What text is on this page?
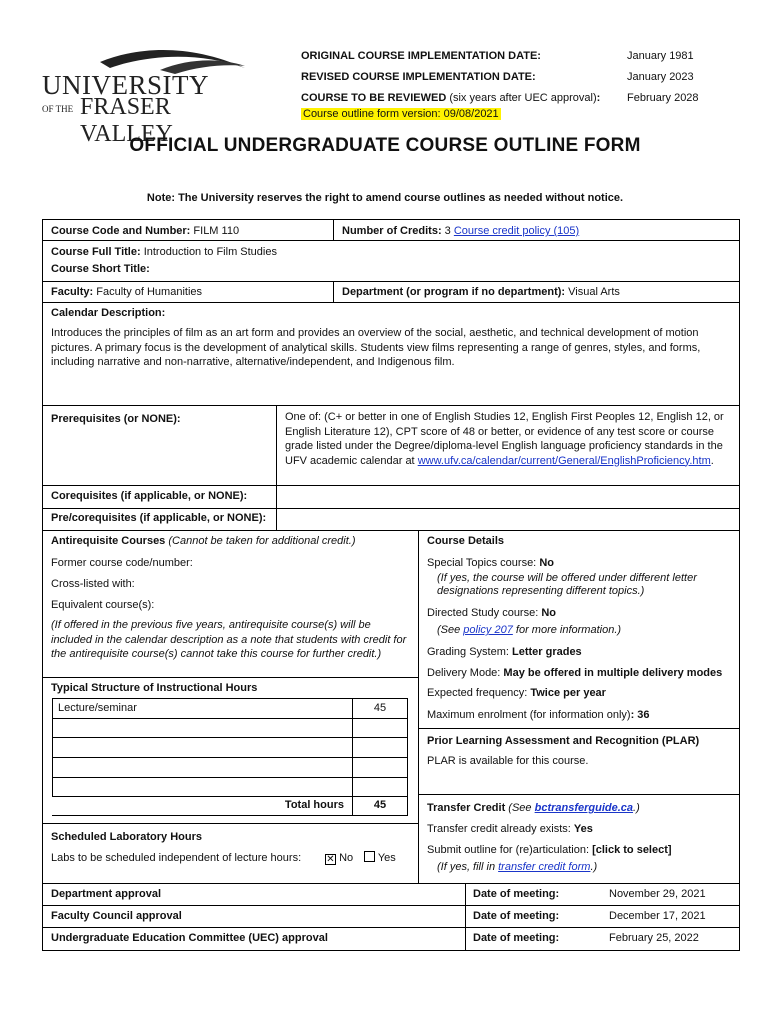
UNIVERSITY
OF THE FRASER VALLEY
ORIGINAL COURSE IMPLEMENTATION DATE:	January 1981
REVISED COURSE IMPLEMENTATION DATE:	January 2023
COURSE TO BE REVIEWED (six years after UEC approval): February 2028
Course outline form version: 09/08/2021
OFFICIAL UNDERGRADUATE COURSE OUTLINE FORM
Note: The University reserves the right to amend course outlines as needed without notice.
Course Code and Number: FILM 110	Number of Credits: 3 Course credit policy (105)
Course Full Title: Introduction to Film Studies
Course Short Title:
Faculty: Faculty of Humanities	Department (or program if no department): Visual Arts
Calendar Description:
Introduces the principles of film as an art form and provides an overview of the social, aesthetic, and technical development of motion pictures. A primary focus is the development of analytical skills. Students view films representing a range of genres, styles, and forms, including narrative and non-narrative, alternative/independent, and Indigenous film.
Prerequisites (or NONE):	One of: (C+ or better in one of English Studies 12, English First Peoples 12, English 12, or English Literature 12), CPT score of 48 or better, or evidence of any test score or course grade listed under the Degree/diploma-level English language proficiency standards in the UFV academic calendar at www.ufv.ca/calendar/current/General/EnglishProficiency.htm.
Corequisites (if applicable, or NONE):
Pre/corequisites (if applicable, or NONE):
Antirequisite Courses (Cannot be taken for additional credit.)
Former course code/number:
Cross-listed with:
Equivalent course(s):
(If offered in the previous five years, antirequisite course(s) will be included in the calendar description as a note that students with credit for the antirequisite course(s) cannot take this course for further credit.)
Typical Structure of Instructional Hours
Lecture/seminar	45
Total hours	45
Scheduled Laboratory Hours
Labs to be scheduled independent of lecture hours:	✕ No	Yes
Course Details
Special Topics course: No
(If yes, the course will be offered under different letter designations representing different topics.)
Directed Study course: No
(See policy 207 for more information.)
Grading System: Letter grades
Delivery Mode: May be offered in multiple delivery modes
Expected frequency: Twice per year
Maximum enrolment (for information only): 36
Prior Learning Assessment and Recognition (PLAR)
PLAR is available for this course.
Transfer Credit (See bctransferguide.ca.)
Transfer credit already exists: Yes
Submit outline for (re)articulation: [click to select]
(If yes, fill in transfer credit form.)
Department approval	Date of meeting:	November 29, 2021
Faculty Council approval	Date of meeting:	December 17, 2021
Undergraduate Education Committee (UEC) approval	Date of meeting:	February 25, 2022
